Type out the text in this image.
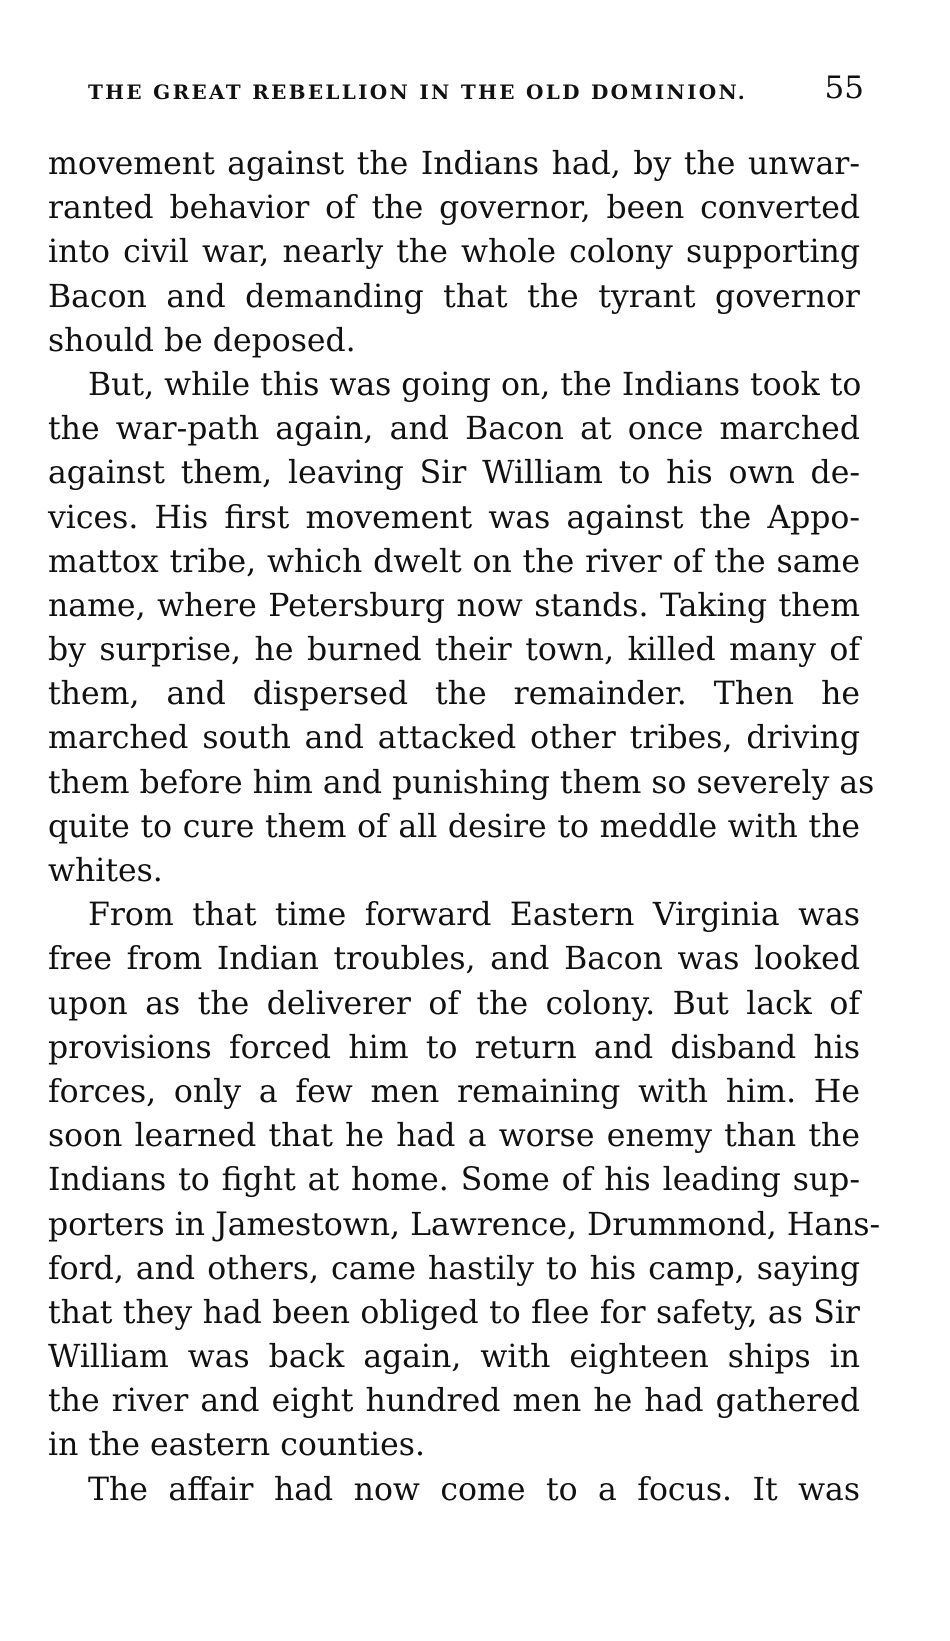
THE GREAT REBELLION IN THE OLD DOMINION.	55
movement against the Indians had, by the unwar-
ranted behavior of the governor, been converted
into civil war, nearly the whole colony supporting
Bacon and demanding that the tyrant governor
should be deposed.
But, while this was going on, the Indians took to
the war-path again, and Bacon at once marched
against them, leaving Sir William to his own de-
vices. His first movement was against the Appo-
mattox tribe, which dwelt on the river of the same
name, where Petersburg now stands. Taking them
by surprise, he burned their town, killed many of
them, and dispersed the remainder. Then he
marched south and attacked other tribes, driving
them before him and punishing them so severely as
quite to cure them of all desire to meddle with the
whites.
From that time forward Eastern Virginia was
free from Indian troubles, and Bacon was looked
upon as the deliverer of the colony. But lack of
provisions forced him to return and disband his
forces, only a few men remaining with him. He
soon learned that he had a worse enemy than the
Indians to fight at home. Some of his leading sup-
porters in Jamestown, Lawrence, Drummond, Hans-
ford, and others, came hastily to his camp, saying
that they had been obliged to flee for safety, as Sir
William was back again, with eighteen ships in
the river and eight hundred men he had gathered
in the eastern counties.
The affair had now come to a focus. It was
